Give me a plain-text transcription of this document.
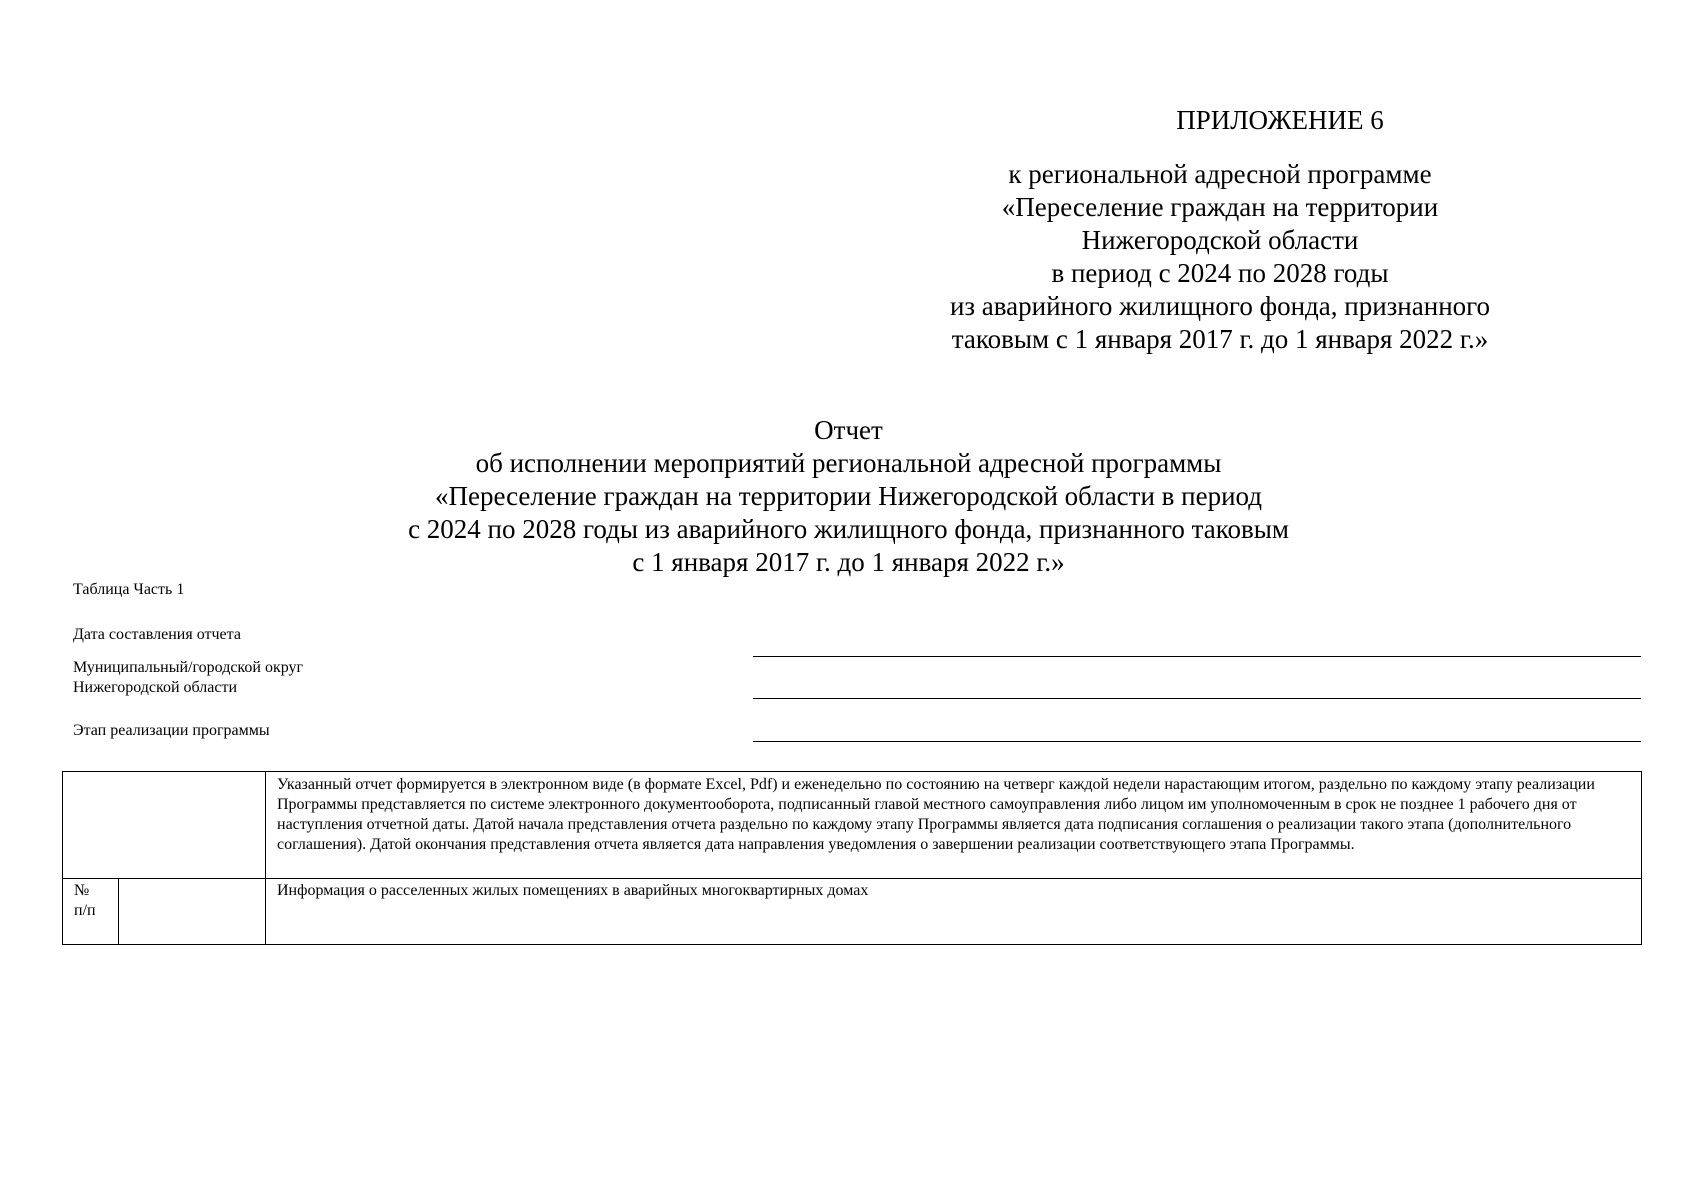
ПРИЛОЖЕНИЕ 6
к региональной адресной программе
«Переселение граждан на территории
Нижегородской области
в период с 2024 по 2028 годы
из аварийного жилищного фонда, признанного
таковым с 1 января 2017 г. до 1 января 2022 г.»
Отчет
об исполнении мероприятий региональной адресной программы
«Переселение граждан на территории Нижегородской области в период
с 2024 по 2028 годы из аварийного жилищного фонда, признанного таковым
с 1 января 2017 г. до 1 января 2022 г.»
Таблица Часть 1
Дата составления отчета
Муниципальный/городской округ
Нижегородской области
Этап реализации программы
		Указанный отчет формируется в электронном виде (в формате Excel, Pdf) и еженедельно по состоянию на четверг каждой недели нарастающим итогом, раздельно по каждому этапу реализации Программы представляется по системе электронного документооборота, подписанный главой местного самоуправления либо лицом им уполномоченным в срок не позднее 1 рабочего дня от наступления отчетной даты. Датой начала представления отчета раздельно по каждому этапу Программы является дата подписания соглашения о реализации такого этапа (дополнительного соглашения). Датой окончания представления отчета является дата направления уведомления о завершении реализации соответствующего этапа Программы.

№
п/п		Информация о расселенных жилых помещениях в аварийных многоквартирных домах
